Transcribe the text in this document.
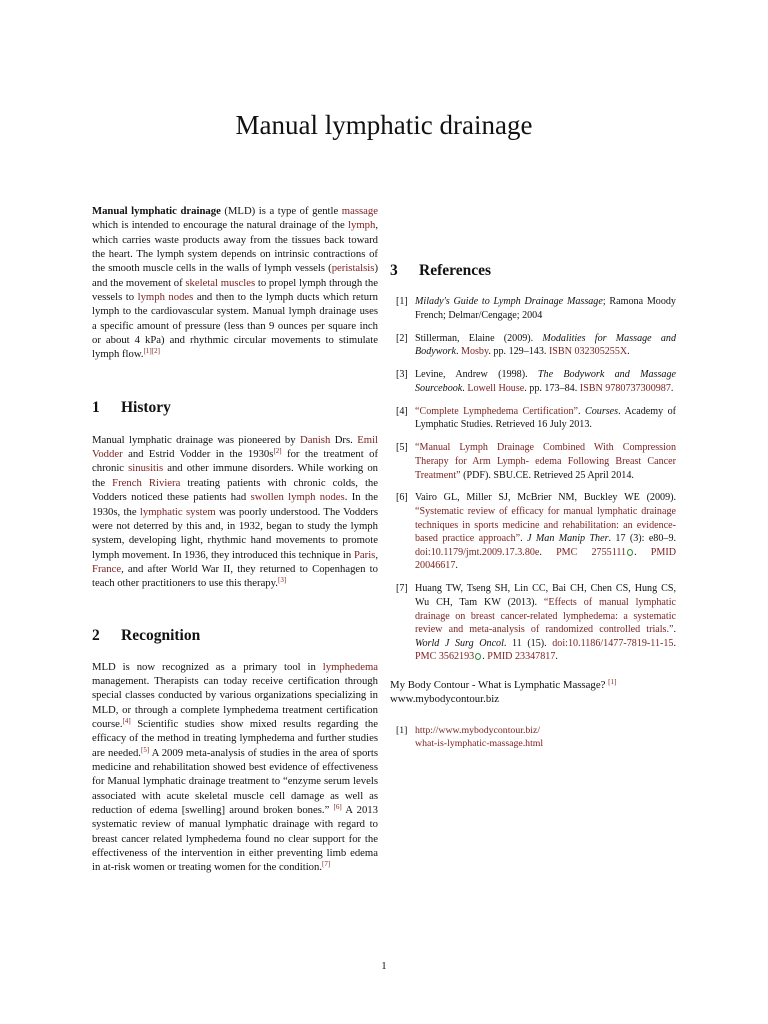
Manual lymphatic drainage

Manual lymphatic drainage (MLD) is a type of gentle massage which is intended to encourage the natural drainage of the lymph, which carries waste products away from the tissues back toward the heart. The lymph system depends on intrinsic contractions of the smooth muscle cells in the walls of lymph vessels (peristalsis) and the movement of skeletal muscles to propel lymph through the vessels to lymph nodes and then to the lymph ducts which return lymph to the cardiovascular system. Manual lymph drainage uses a specific amount of pressure (less than 9 ounces per square inch or about 4 kPa) and rhythmic circular movements to stimulate lymph flow.[1][2]

1 History

Manual lymphatic drainage was pioneered by Danish Drs. Emil Vodder and Estrid Vodder in the 1930s[2] for the treatment of chronic sinusitis and other immune disorders. While working on the French Riviera treating patients with chronic colds, the Vodders noticed these patients had swollen lymph nodes. In the 1930s, the lymphatic system was poorly understood. The Vodders were not deterred by this and, in 1932, began to study the lymph system, developing light, rhythmic hand movements to promote lymph movement. In 1936, they introduced this technique in Paris, France, and after World War II, they returned to Copenhagen to teach other practitioners to use this therapy.[3]

2 Recognition

MLD is now recognized as a primary tool in lymphedema management. Therapists can today receive certification through special classes conducted by various organizations specializing in MLD, or through a complete lymphedema treatment certification course.[4] Scientific studies show mixed results regarding the efficacy of the method in treating lymphedema and further studies are needed.[5] A 2009 meta-analysis of studies in the area of sports medicine and rehabilitation showed best evidence of effectiveness for Manual lymphatic drainage treatment to “enzyme serum levels associated with acute skeletal muscle cell damage as well as reduction of edema [swelling] around broken bones.” [6] A 2013 systematic review of manual lymphatic drainage with regard to breast cancer related lymphedema found no clear support for the effectiveness of the intervention in either preventing limb edema in at-risk women or treating women for the condition.[7]

3 References
[1] Milady's Guide to Lymph Drainage Massage; Ramona Moody French; Delmar/Cengage; 2004
[2] Stillerman, Elaine (2009). Modalities for Massage and Bodywork. Mosby. pp. 129–143. ISBN 032305255X.
[3] Levine, Andrew (1998). The Bodywork and Massage Sourcebook. Lowell House. pp. 173–84. ISBN 9780737300987.
[4] “Complete Lymphedema Certification”. Courses. Academy of Lymphatic Studies. Retrieved 16 July 2013.
[5] “Manual Lymph Drainage Combined With Compression Therapy for Arm Lymph- edema Following Breast Cancer Treatment” (PDF). SBU.CE. Retrieved 25 April 2014.
[6] Vairo GL, Miller SJ, McBrier NM, Buckley WE (2009). “Systematic review of efficacy for manual lymphatic drainage techniques in sports medicine and rehabilitation: an evidence-based practice approach”. J Man Manip Ther. 17 (3): e80–9. doi:10.1179/jmt.2009.17.3.80e. PMC 2755111 . PMID 20046617.
[7] Huang TW, Tseng SH, Lin CC, Bai CH, Chen CS, Hung CS, Wu CH, Tam KW (2013). “Effects of manual lymphatic drainage on breast cancer-related lymphedema: a systematic review and meta-analysis of randomized controlled trials.”. World J Surg Oncol. 11 (15). doi:10.1186/1477-7819-11-15. PMC 3562193 . PMID 23347817.
My Body Contour - What is Lymphatic Massage? [1]
www.mybodycontour.biz
[1] http://www.mybodycontour.biz/
what-is-lymphatic-massage.html
1
